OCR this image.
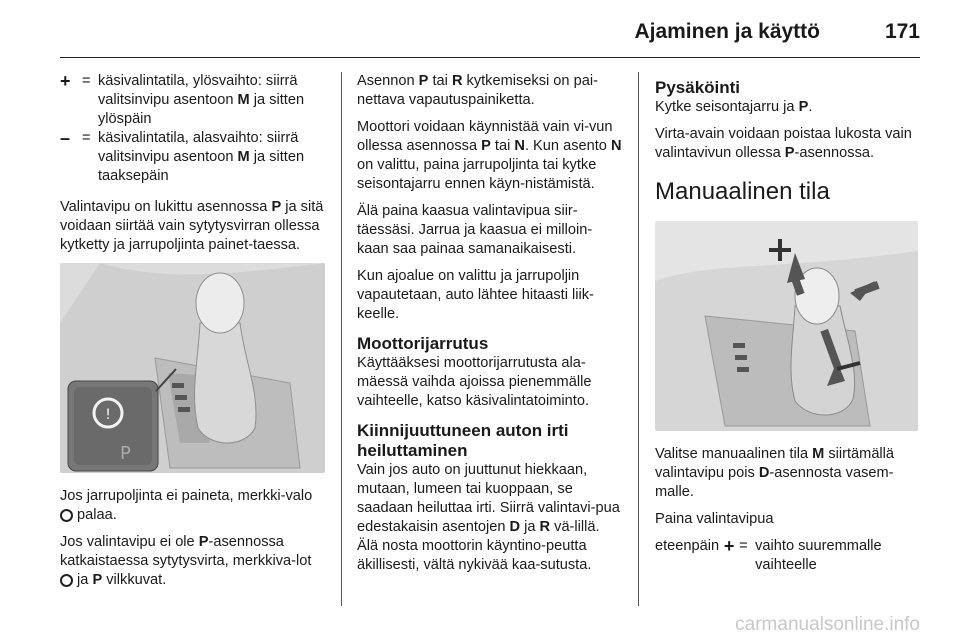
Ajaminen ja käyttö	171
+ = käsivalintatila, ylösvaihto: siirrä valitsinvipu asentoon M ja sitten ylöspäin
– = käsivalintatila, alasvaihto: siirrä valitsinvipu asentoon M ja sitten taaksepäin

Valintavipu on lukittu asennossa P ja sitä voidaan siirtää vain sytytysvirran ollessa kytketty ja jarrupoljinta painet-taessa.

!
P

Jos jarrupoljinta ei paineta, merkki-valo  palaa.

Jos valintavipu ei ole P-asennossa katkaistaessa sytytysvirta, merkkiva-lot  ja P vilkkuvat.

Asennon P tai R kytkemiseksi on pai-nettava vapautuspainiketta.

Moottori voidaan käynnistää vain vi-vun ollessa asennossa P tai N. Kun asento N on valittu, paina jarrupoljinta tai kytke seisontajarru ennen käyn-nistämistä.

Älä paina kaasua valintavipua siir-täessäsi. Jarrua ja kaasua ei milloin-kaan saa painaa samanaikaisesti.

Kun ajoalue on valittu ja jarrupoljin vapautetaan, auto lähtee hitaasti liik-keelle.

Moottorijarrutus

Käyttääksesi moottorijarrutusta ala-mäessä vaihda ajoissa pienemmälle vaihteelle, katso käsivalintatoiminto.

Kiinnijuuttuneen auton irti heiluttaminen

Vain jos auto on juuttunut hiekkaan, mutaan, lumeen tai kuoppaan, se saadaan heiluttaa irti. Siirrä valintavi-pua edestakaisin asentojen D ja R vä-lillä. Älä nosta moottorin käyntino-peutta äkillisesti, vältä nykivää kaa-sutusta.

Pysäköinti

Kytke seisontajarru ja P.

Virta-avain voidaan poistaa lukosta vain valintavivun ollessa P-asennossa.

Manuaalinen tila

Valitse manuaalinen tila M siirtämällä valintavipu pois D-asennosta vasem-malle.

Paina valintavipua

eteenpäin + = vaihto suuremmalle vaihteelle
carmanualsonline.info
